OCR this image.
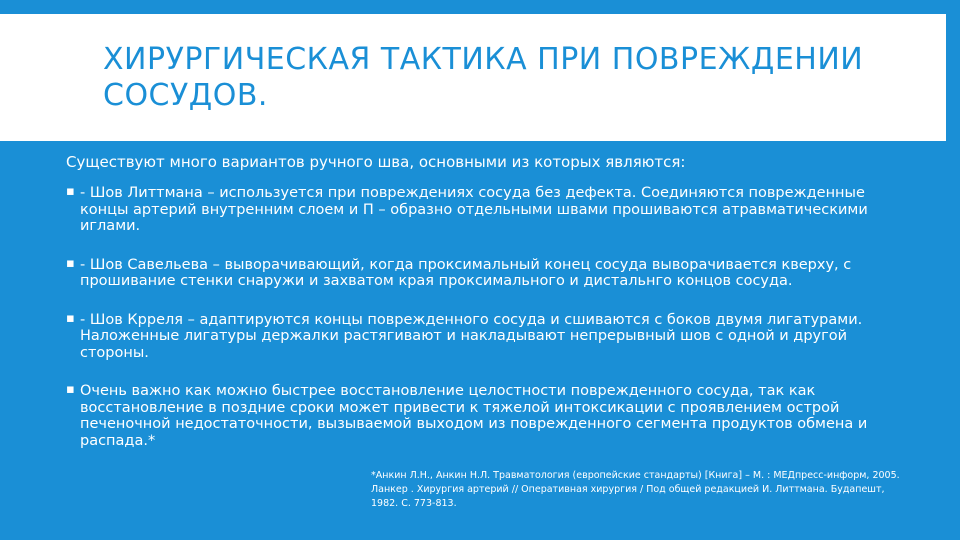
ХИРУРГИЧЕСКАЯ ТАКТИКА ПРИ ПОВРЕЖДЕНИИ СОСУДОВ.

Существуют много вариантов ручного шва, основными из которых являются:

▪ - Шов Литтмана – используется при повреждениях сосуда без дефекта. Соединяются поврежденные концы артерий внутренним слоем и П – образно отдельными швами прошиваются атравматическими иглами.
▪ - Шов Савельева – выворачивающий, когда проксимальный конец сосуда выворачивается кверху, с прошивание стенки снаружи и захватом края проксимального и дистальнго концов сосуда.
▪ - Шов Кpреля – адаптируются концы поврежденного сосуда и сшиваются с боков двумя лигатурами. Наложенные лигатуры держалки растягивают и накладывают непрерывный шов с одной и другой стороны.
▪ Очень важно как можно быстрее восстановление целостности поврежденного сосуда, так как восстановление в поздние сроки может привести к тяжелой интоксикации с проявлением острой печеночной недостаточности, вызываемой выходом из поврежденного сегмента продуктов обмена и распада.*

*Анкин Л.Н., Анкин Н.Л. Травматология (европейские стандарты) [Книга] – М. : МЕДпресс-информ, 2005.

Ланкер . Хирургия артерий // Оперативная хирургия / Под общей редакцией И. Литтмана. Будапешт, 1982. С. 773-813.
